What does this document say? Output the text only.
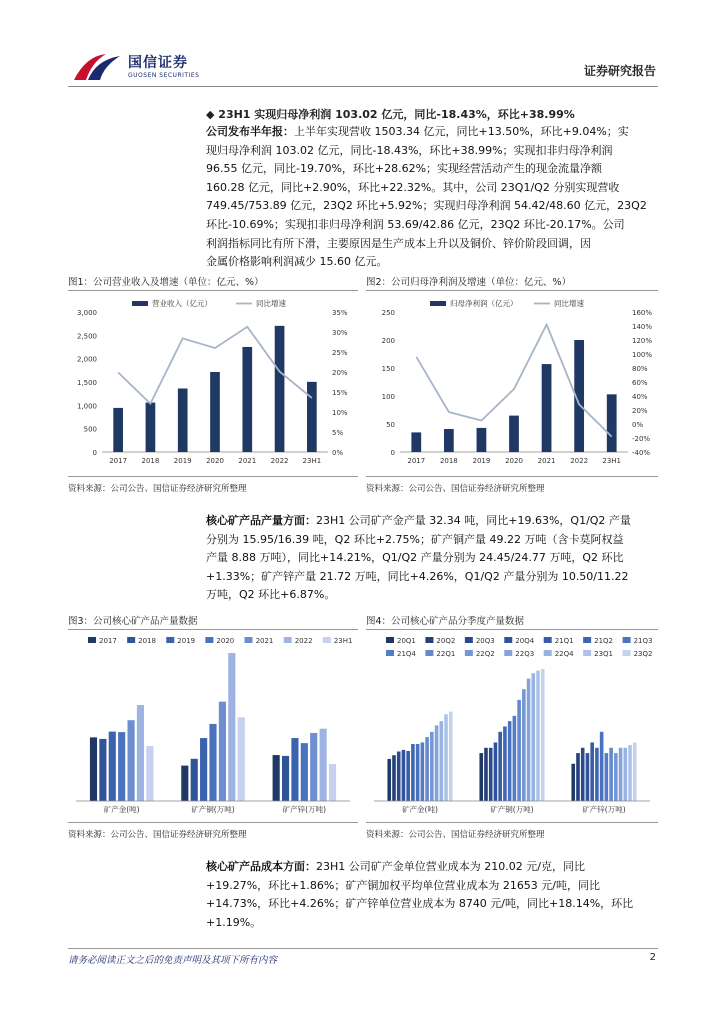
国信证券
GUOSEN SECURITIES	证券研究报告
◆ 23H1 实现归母净利润 103.02 亿元，同比-18.43%，环比+38.99%
公司发布半年报：上半年实现营收 1503.34 亿元，同比+13.50%，环比+9.04%；实
现归母净利润 103.02 亿元，同比-18.43%，环比+38.99%；实现扣非归母净利润
96.55 亿元，同比-19.70%，环比+28.62%；实现经营活动产生的现金流量净额
160.28 亿元，同比+2.90%，环比+22.32%。其中，公司 23Q1/Q2 分别实现营收
749.45/753.89 亿元，23Q2 环比+5.92%；实现归母净利润 54.42/48.60 亿元，23Q2
环比-10.69%；实现扣非归母净利润 53.69/42.86 亿元，23Q2 环比-20.17%。公司
利润指标同比有所下滑，主要原因是生产成本上升以及铜价、锌价阶段回调，因
金属价格影响利润减少 15.60 亿元。
图1：公司营业收入及增速（单位：亿元、%）	图2：公司归母净利润及增速（单位：亿元、%）
0
500
1,000
1,500
2,000
2,500
3,000
0%
5%
10%
15%
20%
25%
30%
35%
2017 2018 2019 2020 2021 2022 23H1
营业收入（亿元）	同比增速
0
50
100
150
200
250
-40%
-20%
0%
20%
40%
60%
80%
100%
120%
140%
160%
2017 2018 2019 2020 2021 2022 23H1
归母净利润（亿元）	同比增速
资料来源：公司公告、国信证券经济研究所整理	资料来源：公司公告、国信证券经济研究所整理
核心矿产品产量方面：23H1 公司矿产金产量 32.34 吨，同比+19.63%，Q1/Q2 产量
分别为 15.95/16.39 吨，Q2 环比+2.75%；矿产铜产量 49.22 万吨（含卡莫阿权益
产量 8.88 万吨），同比+14.21%，Q1/Q2 产量分别为 24.45/24.77 万吨，Q2 环比
+1.33%；矿产锌产量 21.72 万吨，同比+4.26%，Q1/Q2 产量分别为 10.50/11.22
万吨，Q2 环比+6.87%。
图3：公司核心矿产品产量数据	图4：公司核心矿产品分季度产量数据
2017	2018	2019	2020	2021	2022	23H1
矿产金(吨)	矿产铜(万吨)	矿产锌(万吨)
20Q1	20Q2	20Q3	20Q4	21Q1	21Q2	21Q3
21Q4	22Q1	22Q2	22Q3	22Q4	23Q1	23Q2
矿产金(吨)	矿产铜(万吨)	矿产锌(万吨)
资料来源：公司公告、国信证券经济研究所整理	资料来源：公司公告、国信证券经济研究所整理
核心矿产品成本方面：23H1 公司矿产金单位营业成本为 210.02 元/克，同比
+19.27%，环比+1.86%；矿产铜加权平均单位营业成本为 21653 元/吨，同比
+14.73%，环比+4.26%；矿产锌单位营业成本为 8740 元/吨，同比+18.14%，环比
+1.19%。
请务必阅读正文之后的免责声明及其项下所有内容	2
